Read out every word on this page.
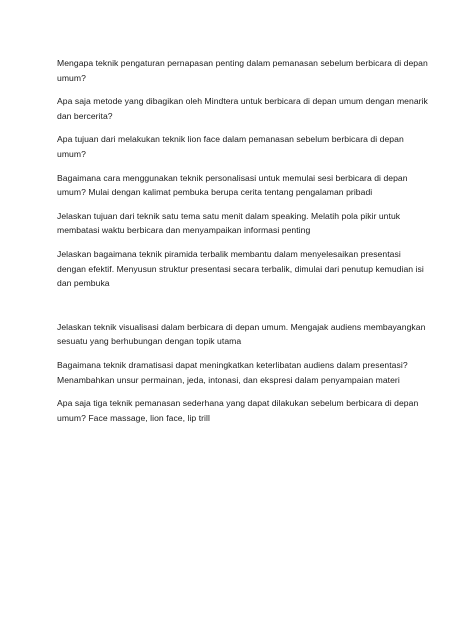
Mengapa teknik pengaturan pernapasan penting dalam pemanasan sebelum berbicara di depan umum?

Apa saja metode yang dibagikan oleh Mindtera untuk berbicara di depan umum dengan menarik dan bercerita?

Apa tujuan dari melakukan teknik lion face dalam pemanasan sebelum berbicara di depan umum?

Bagaimana cara menggunakan teknik personalisasi untuk memulai sesi berbicara di depan umum? Mulai dengan kalimat pembuka berupa cerita tentang pengalaman pribadi

Jelaskan tujuan dari teknik satu tema satu menit dalam speaking. Melatih pola pikir untuk membatasi waktu berbicara dan menyampaikan informasi penting

Jelaskan bagaimana teknik piramida terbalik membantu dalam menyelesaikan presentasi dengan efektif. Menyusun struktur presentasi secara terbalik, dimulai dari penutup kemudian isi dan pembuka

Jelaskan teknik visualisasi dalam berbicara di depan umum. Mengajak audiens membayangkan sesuatu yang berhubungan dengan topik utama

Bagaimana teknik dramatisasi dapat meningkatkan keterlibatan audiens dalam presentasi? Menambahkan unsur permainan, jeda, intonasi, dan ekspresi dalam penyampaian materi

Apa saja tiga teknik pemanasan sederhana yang dapat dilakukan sebelum berbicara di depan umum? Face massage, lion face, lip trill
